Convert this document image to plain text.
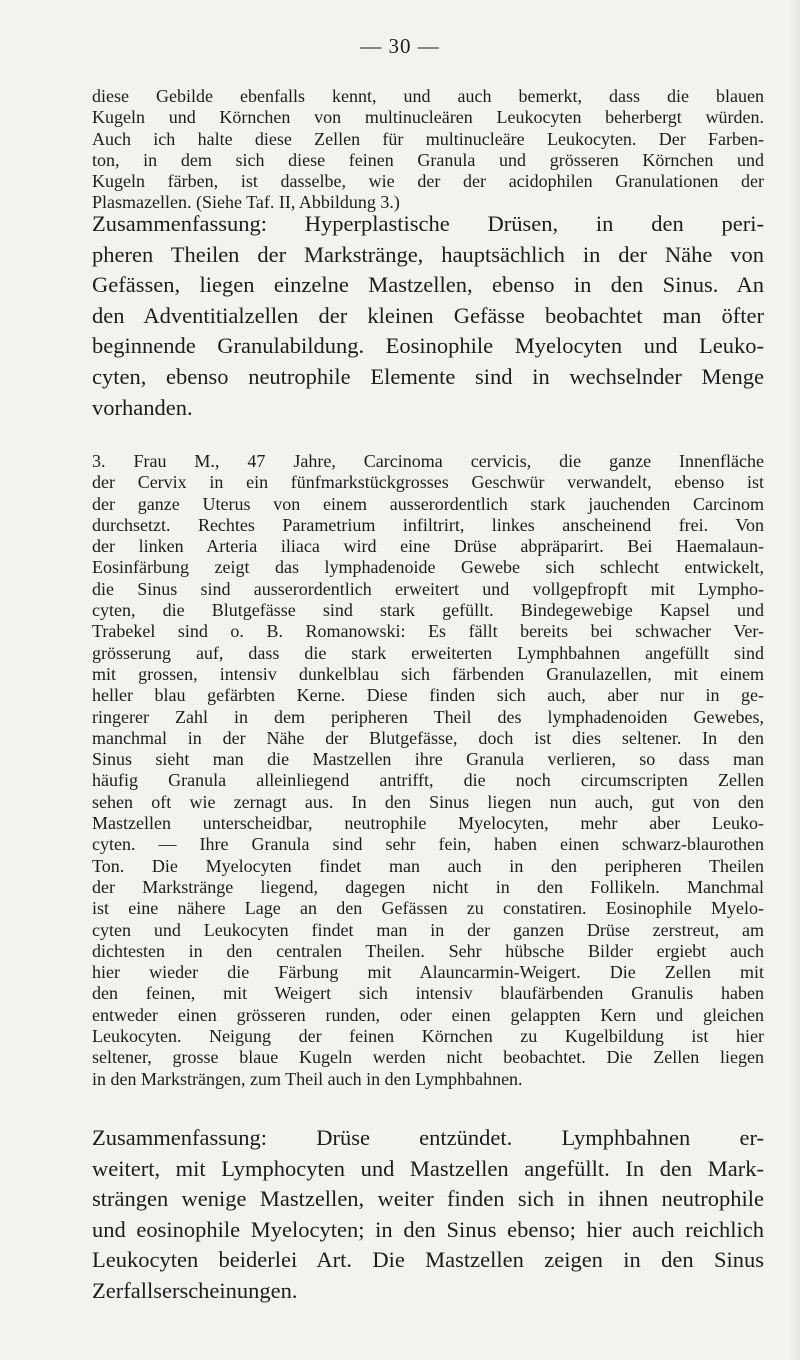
— 30 —
diese Gebilde ebenfalls kennt, und auch bemerkt, dass die blauen
Kugeln und Körnchen von multinucleären Leukocyten beherbergt würden.
Auch ich halte diese Zellen für multinucleäre Leukocyten. Der Farben-
ton, in dem sich diese feinen Granula und grösseren Körnchen und
Kugeln färben, ist dasselbe, wie der der acidophilen Granulationen der
Plasmazellen. (Siehe Taf. II, Abbildung 3.)
Zusammenfassung: Hyperplastische Drüsen, in den peri-
pheren Theilen der Markstränge, hauptsächlich in der Nähe von
Gefässen, liegen einzelne Mastzellen, ebenso in den Sinus. An
den Adventitialzellen der kleinen Gefässe beobachtet man öfter
beginnende Granulabildung. Eosinophile Myelocyten und Leuko-
cyten, ebenso neutrophile Elemente sind in wechselnder Menge
vorhanden.
3. Frau M., 47 Jahre, Carcinoma cervicis, die ganze Innenfläche
der Cervix in ein fünfmarkstückgrosses Geschwür verwandelt, ebenso ist
der ganze Uterus von einem ausserordentlich stark jauchenden Carcinom
durchsetzt. Rechtes Parametrium infiltrirt, linkes anscheinend frei. Von
der linken Arteria iliaca wird eine Drüse abpräparirt. Bei Haemalaun-
Eosinfärbung zeigt das lymphadenoide Gewebe sich schlecht entwickelt,
die Sinus sind ausserordentlich erweitert und vollgepfropft mit Lympho-
cyten, die Blutgefässe sind stark gefüllt. Bindegewebige Kapsel und
Trabekel sind o. B. Romanowski: Es fällt bereits bei schwacher Ver-
grösserung auf, dass die stark erweiterten Lymphbahnen angefüllt sind
mit grossen, intensiv dunkelblau sich färbenden Granulazellen, mit einem
heller blau gefärbten Kerne. Diese finden sich auch, aber nur in ge-
ringerer Zahl in dem peripheren Theil des lymphadenoiden Gewebes,
manchmal in der Nähe der Blutgefässe, doch ist dies seltener. In den
Sinus sieht man die Mastzellen ihre Granula verlieren, so dass man
häufig Granula alleinliegend antrifft, die noch circumscripten Zellen
sehen oft wie zernagt aus. In den Sinus liegen nun auch, gut von den
Mastzellen unterscheidbar, neutrophile Myelocyten, mehr aber Leuko-
cyten. — Ihre Granula sind sehr fein, haben einen schwarz-blaurothen
Ton. Die Myelocyten findet man auch in den peripheren Theilen
der Markstränge liegend, dagegen nicht in den Follikeln. Manchmal
ist eine nähere Lage an den Gefässen zu constatiren. Eosinophile Myelo-
cyten und Leukocyten findet man in der ganzen Drüse zerstreut, am
dichtesten in den centralen Theilen. Sehr hübsche Bilder ergiebt auch
hier wieder die Färbung mit Alauncarmin-Weigert. Die Zellen mit
den feinen, mit Weigert sich intensiv blaufärbenden Granulis haben
entweder einen grösseren runden, oder einen gelappten Kern und gleichen
Leukocyten. Neigung der feinen Körnchen zu Kugelbildung ist hier
seltener, grosse blaue Kugeln werden nicht beobachtet. Die Zellen liegen
in den Marksträngen, zum Theil auch in den Lymphbahnen.
Zusammenfassung: Drüse entzündet. Lymphbahnen er-
weitert, mit Lymphocyten und Mastzellen angefüllt. In den Mark-
strängen wenige Mastzellen, weiter finden sich in ihnen neutrophile
und eosinophile Myelocyten; in den Sinus ebenso; hier auch reichlich
Leukocyten beiderlei Art. Die Mastzellen zeigen in den Sinus
Zerfallserscheinungen.
